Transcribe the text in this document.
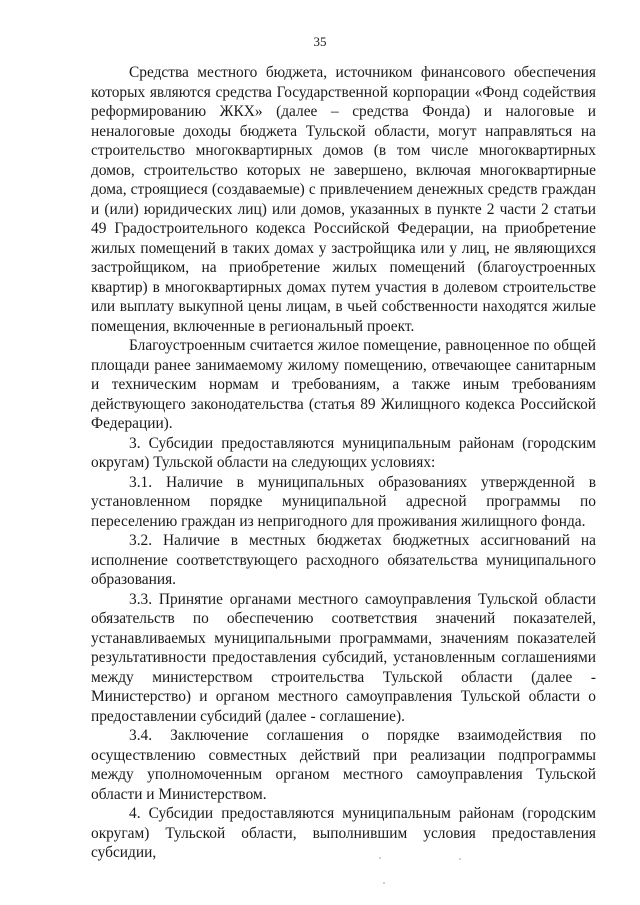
35

Средства местного бюджета, источником финансового обеспечения которых являются средства Государственной корпорации «Фонд содействия реформированию ЖКХ» (далее – средства Фонда) и налоговые и неналоговые доходы бюджета Тульской области, могут направляться на строительство многоквартирных домов (в том числе многоквартирных домов, строительство которых не завершено, включая многоквартирные дома, строящиеся (создаваемые) с привлечением денежных средств граждан и (или) юридических лиц) или домов, указанных в пункте 2 части 2 статьи 49 Градостроительного кодекса Российской Федерации, на приобретение жилых помещений в таких домах у застройщика или у лиц, не являющихся застройщиком, на приобретение жилых помещений (благоустроенных квартир) в многоквартирных домах путем участия в долевом строительстве или выплату выкупной цены лицам, в чьей собственности находятся жилые помещения, включенные в региональный проект.

Благоустроенным считается жилое помещение, равноценное по общей площади ранее занимаемому жилому помещению, отвечающее санитарным и техническим нормам и требованиям, а также иным требованиям действующего законодательства (статья 89 Жилищного кодекса Российской Федерации).

3. Субсидии предоставляются муниципальным районам (городским округам) Тульской области на следующих условиях:

3.1. Наличие в муниципальных образованиях утвержденной в установленном порядке муниципальной адресной программы по переселению граждан из непригодного для проживания жилищного фонда.

3.2. Наличие в местных бюджетах бюджетных ассигнований на исполнение соответствующего расходного обязательства муниципального образования.

3.3. Принятие органами местного самоуправления Тульской области обязательств по обеспечению соответствия значений показателей, устанавливаемых муниципальными программами, значениям показателей результативности предоставления субсидий, установленным соглашениями между министерством строительства Тульской области (далее - Министерство) и органом местного самоуправления Тульской области о предоставлении субсидий (далее - соглашение).

3.4. Заключение соглашения о порядке взаимодействия по осуществлению совместных действий при реализации подпрограммы между уполномоченным органом местного самоуправления Тульской области и Министерством.

4. Субсидии предоставляются муниципальным районам (городским округам) Тульской области, выполнившим условия предоставления субсидии,
